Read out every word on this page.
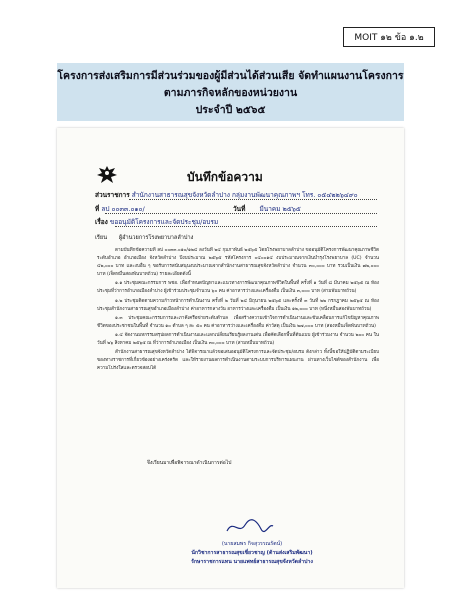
MOIT ๑๒ ข้อ ๑.๒
โครงการส่งเสริมการมีส่วนร่วมของผู้มีส่วนได้ส่วนเสีย จัดทำแผนงานโครงการตามภารกิจหลักของหน่วยงาน
ประจำปี ๒๕๖๕
บันทึกข้อความ
ส่วนราชการ สำนักงานสาธารณสุขจังหวัดลำปาง กลุ่มงานพัฒนาคุณภาพฯ โทร. ๐๕๔๒๒๖๔๙๐
ที่ ลป ๐๐๓๓.๐๑๐/	วันที่ มีนาคม ๒๕๖๕
เรื่อง ขออนุมัติโครงการและจัดประชุม/อบรม
เรียน ผู้อำนวยการโรงพยาบาลลำปาง

ตามบันทึกข้อความที่ ลป ๐๐๓๓.๐๑๐/๑๒๔ ลงวันที่ ๒๔ กุมภาพันธ์ ๒๕๖๕ โดยโรงพยาบาลลำปาง ขออนุมัติโครงการพัฒนาคุณภาพชีวิตระดับอำเภอ อำเภอเมือง จังหวัดลำปาง ปีงบประมาณ ๒๕๖๕ รหัสโครงการ ๐๔๐๐๑๔ งบประมาณจากเงินบำรุงโรงพยาบาล (UC) จำนวน ๔๒,๐๐๐ บาท และงบอื่น ๆ ขอรับการสนับสนุนงบประมาณจากสำนักงานสาธารณสุขจังหวัดลำปาง จำนวน ๓๐,๐๐๐ บาท รวมเป็นเงิน ๗๒,๐๐๐ บาท (เจ็ดหมื่นสองพันบาทถ้วน) รายละเอียดดังนี้

๑.๑ ประชุมคณะกรรมการ พชอ. เพื่อกำหนดปัญหาและแนวทางการพัฒนาคุณภาพชีวิตในพื้นที่ ครั้งที่ ๑ วันที่ ๘ มีนาคม ๒๕๖๕ ณ ห้องประชุมที่ว่าการอำเภอเมืองลำปาง ผู้เข้าร่วมประชุมจำนวน ๖๐ คน ค่าอาหารว่างและเครื่องดื่ม เป็นเงิน ๓,๐๐๐ บาท (สามพันบาทถ้วน)

๑.๒ ประชุมติดตามความก้าวหน้าการดำเนินงาน ครั้งที่ ๒ วันที่ ๒๔ มิถุนายน ๒๕๖๕ และครั้งที่ ๓ วันที่ ๒๒ กรกฎาคม ๒๕๖๕ ณ ห้องประชุมสำนักงานสาธารณสุขอำเภอเมืองลำปาง ค่าอาหารกลางวัน อาหารว่างและเครื่องดื่ม เป็นเงิน ๑๒,๐๐๐ บาท (หนึ่งหมื่นสองพันบาทถ้วน)

๑.๓ ประชุมคณะกรรมการและภาคีเครือข่ายระดับตำบล เพื่อสร้างความเข้าใจการดำเนินงานและขับเคลื่อนการแก้ไขปัญหาคุณภาพชีวิตของประชาชนในพื้นที่ จำนวน ๑๐ ตำบล ๆ ละ ๕๐ คน ค่าอาหารว่างและเครื่องดื่ม ค่าวัสดุ เป็นเงิน ๒๗,๐๐๐ บาท (สองหมื่นเจ็ดพันบาทถ้วน)

๑.๔ จัดงานมหกรรมสรุปผลการดำเนินงานและแลกเปลี่ยนเรียนรู้ผลงานเด่น เพื่อคัดเลือกพื้นที่ต้นแบบ ผู้เข้าร่วมงาน จำนวน ๒๐๐ คน ในวันที่ ๒๖ สิงหาคม ๒๕๖๕ ณ ที่ว่าการอำเภอเมือง เป็นเงิน ๓๐,๐๐๐ บาท (สามหมื่นบาทถ้วน)

สำนักงานสาธารณสุขจังหวัดลำปาง ได้พิจารณาแล้วขอเสนออนุมัติโครงการและจัดประชุม/อบรม ดังกล่าว ทั้งนี้ขอให้ปฏิบัติตามระเบียบของทางราชการที่เกี่ยวข้องอย่างเคร่งครัด และให้รายงานผลการดำเนินงานตามระบบการบริหารแผนงาน ผ่านทางเว็บไซต์ของสำนักงาน เพื่อความโปร่งใสและตรวจสอบได้

จึงเรียนมาเพื่อพิจารณาดำเนินการต่อไป

(นายสมพร กิจสุวรรณรัตน์)
นักวิชาการสาธารณสุขเชี่ยวชาญ (ด้านส่งเสริมพัฒนา)
รักษาราชการแทน นายแพทย์สาธารณสุขจังหวัดลำปาง
